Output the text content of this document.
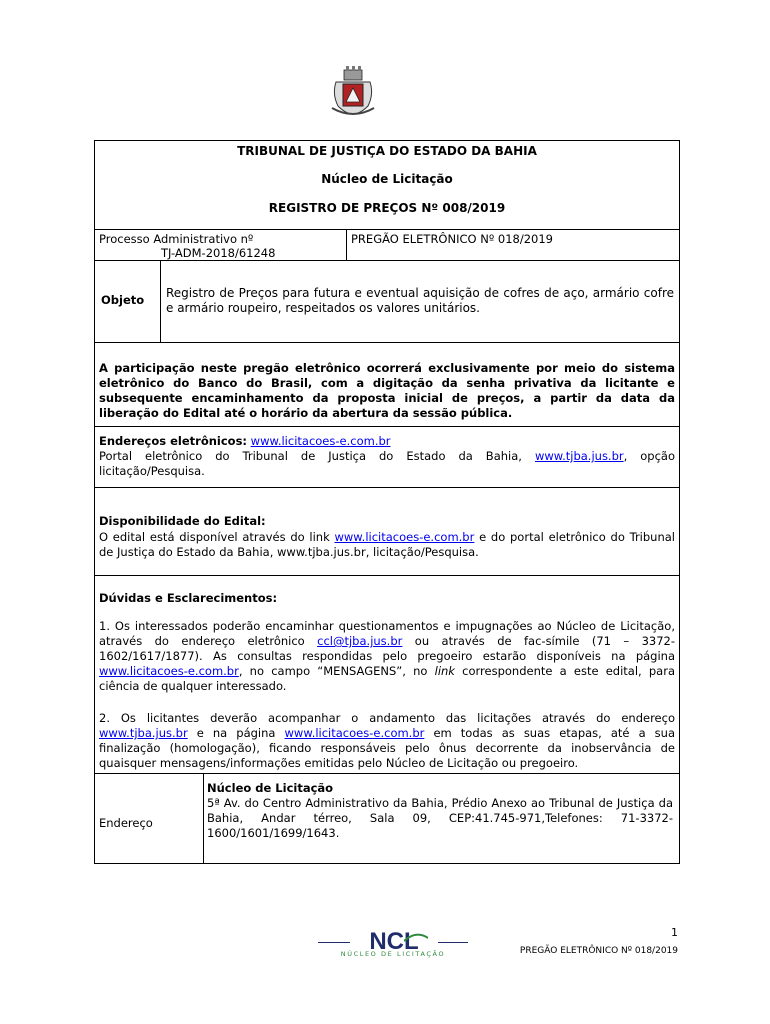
TRIBUNAL DE JUSTIÇA DO ESTADO DA BAHIA
Núcleo de Licitação
REGISTRO DE PREÇOS Nº 008/2019
Processo Administrativo nº
TJ-ADM-2018/61248
PREGÃO ELETRÔNICO Nº 018/2019
Objeto Registro de Preços para futura e eventual aquisição de cofres de aço, armário cofre e armário roupeiro, respeitados os valores unitários.
A participação neste pregão eletrônico ocorrerá exclusivamente por meio do sistema eletrônico do Banco do Brasil, com a digitação da senha privativa da licitante e subsequente encaminhamento da proposta inicial de preços, a partir da data da liberação do Edital até o horário da abertura da sessão pública.
Endereços eletrônicos: www.licitacoes-e.com.br
Portal eletrônico do Tribunal de Justiça do Estado da Bahia, www.tjba.jus.br, opção licitação/Pesquisa.
Disponibilidade do Edital:
O edital está disponível através do link www.licitacoes-e.com.br e do portal eletrônico do Tribunal de Justiça do Estado da Bahia, www.tjba.jus.br, licitação/Pesquisa.
Dúvidas e Esclarecimentos:
1. Os interessados poderão encaminhar questionamentos e impugnações ao Núcleo de Licitação, através do endereço eletrônico ccl@tjba.jus.br ou através de fac-símile (71 – 3372-1602/1617/1877). As consultas respondidas pelo pregoeiro estarão disponíveis na página www.licitacoes-e.com.br, no campo “MENSAGENS”, no link correspondente a este edital, para ciência de qualquer interessado.
2. Os licitantes deverão acompanhar o andamento das licitações através do endereço www.tjba.jus.br e na página www.licitacoes-e.com.br em todas as suas etapas, até a sua finalização (homologação), ficando responsáveis pelo ônus decorrente da inobservância de quaisquer mensagens/informações emitidas pelo Núcleo de Licitação ou pregoeiro.
Endereço
Núcleo de Licitação
5ª Av. do Centro Administrativo da Bahia, Prédio Anexo ao Tribunal de Justiça da Bahia, Andar térreo, Sala 09, CEP:41.745-971,Telefones: 71-3372-1600/1601/1699/1643.
NCL
NÚCLEO DE LICITAÇÃO
1
PREGÃO ELETRÔNICO Nº 018/2019
